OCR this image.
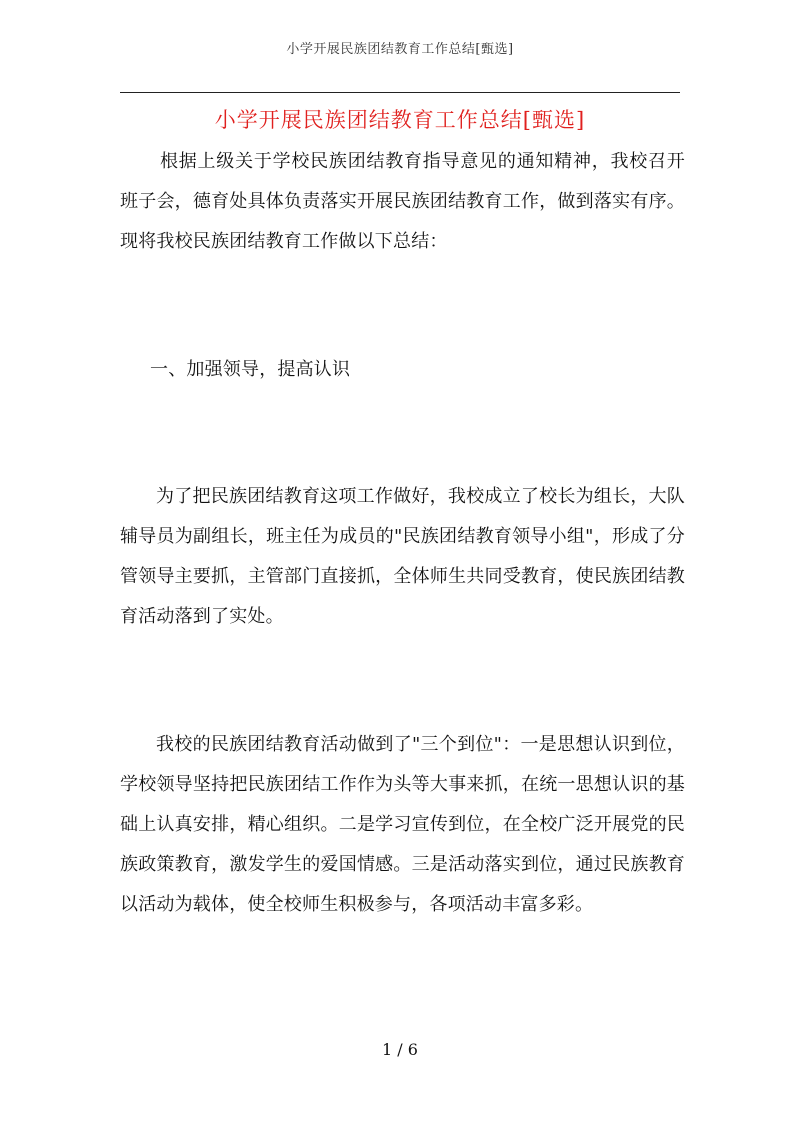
小学开展民族团结教育工作总结[甄选]
小学开展民族团结教育工作总结[甄选]

根据上级关于学校民族团结教育指导意见的通知精神，我校召开班子会，德育处具体负责落实开展民族团结教育工作，做到落实有序。现将我校民族团结教育工作做以下总结：

一、加强领导，提高认识

为了把民族团结教育这项工作做好，我校成立了校长为组长，大队辅导员为副组长，班主任为成员的"民族团结教育领导小组"，形成了分管领导主要抓，主管部门直接抓，全体师生共同受教育，使民族团结教育活动落到了实处。

我校的民族团结教育活动做到了"三个到位"：一是思想认识到位，学校领导坚持把民族团结工作作为头等大事来抓，在统一思想认识的基础上认真安排，精心组织。二是学习宣传到位，在全校广泛开展党的民族政策教育，激发学生的爱国情感。三是活动落实到位，通过民族教育以活动为载体，使全校师生积极参与，各项活动丰富多彩。

1 / 6
